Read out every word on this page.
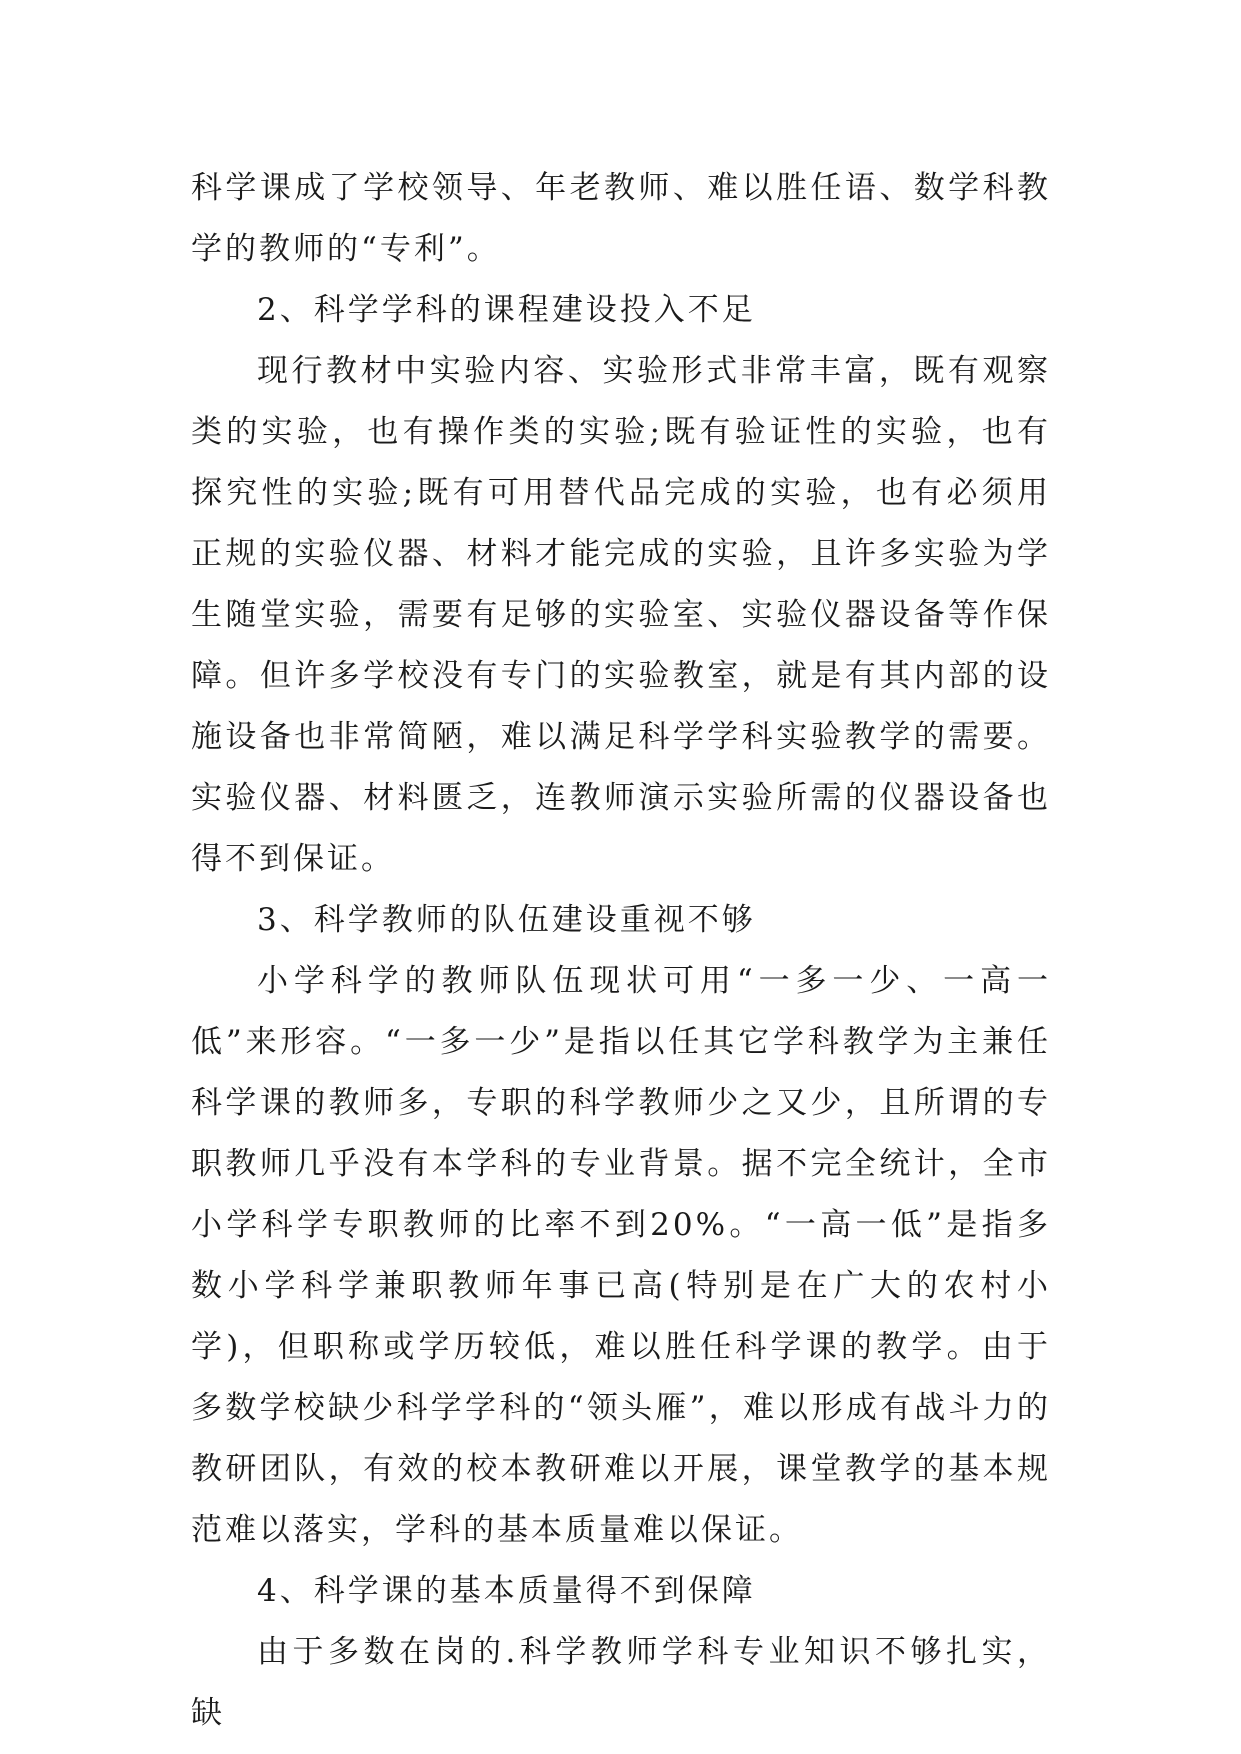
科学课成了学校领导、年老教师、难以胜任语、数学科教学的教师的“专利”。

2、科学学科的课程建设投入不足

现行教材中实验内容、实验形式非常丰富，既有观察类的实验，也有操作类的实验;既有验证性的实验，也有探究性的实验;既有可用替代品完成的实验，也有必须用正规的实验仪器、材料才能完成的实验，且许多实验为学生随堂实验，需要有足够的实验室、实验仪器设备等作保障。但许多学校没有专门的实验教室，就是有其内部的设施设备也非常简陋，难以满足科学学科实验教学的需要。实验仪器、材料匮乏，连教师演示实验所需的仪器设备也得不到保证。

3、科学教师的队伍建设重视不够

小学科学的教师队伍现状可用“一多一少、一高一低”来形容。“一多一少”是指以任其它学科教学为主兼任科学课的教师多，专职的科学教师少之又少，且所谓的专职教师几乎没有本学科的专业背景。据不完全统计，全市小学科学专职教师的比率不到20%。“一高一低”是指多数小学科学兼职教师年事已高(特别是在广大的农村小学)，但职称或学历较低，难以胜任科学课的教学。由于多数学校缺少科学学科的“领头雁”，难以形成有战斗力的教研团队，有效的校本教研难以开展，课堂教学的基本规范难以落实，学科的基本质量难以保证。

4、科学课的基本质量得不到保障

由于多数在岗的.科学教师学科专业知识不够扎实，缺
